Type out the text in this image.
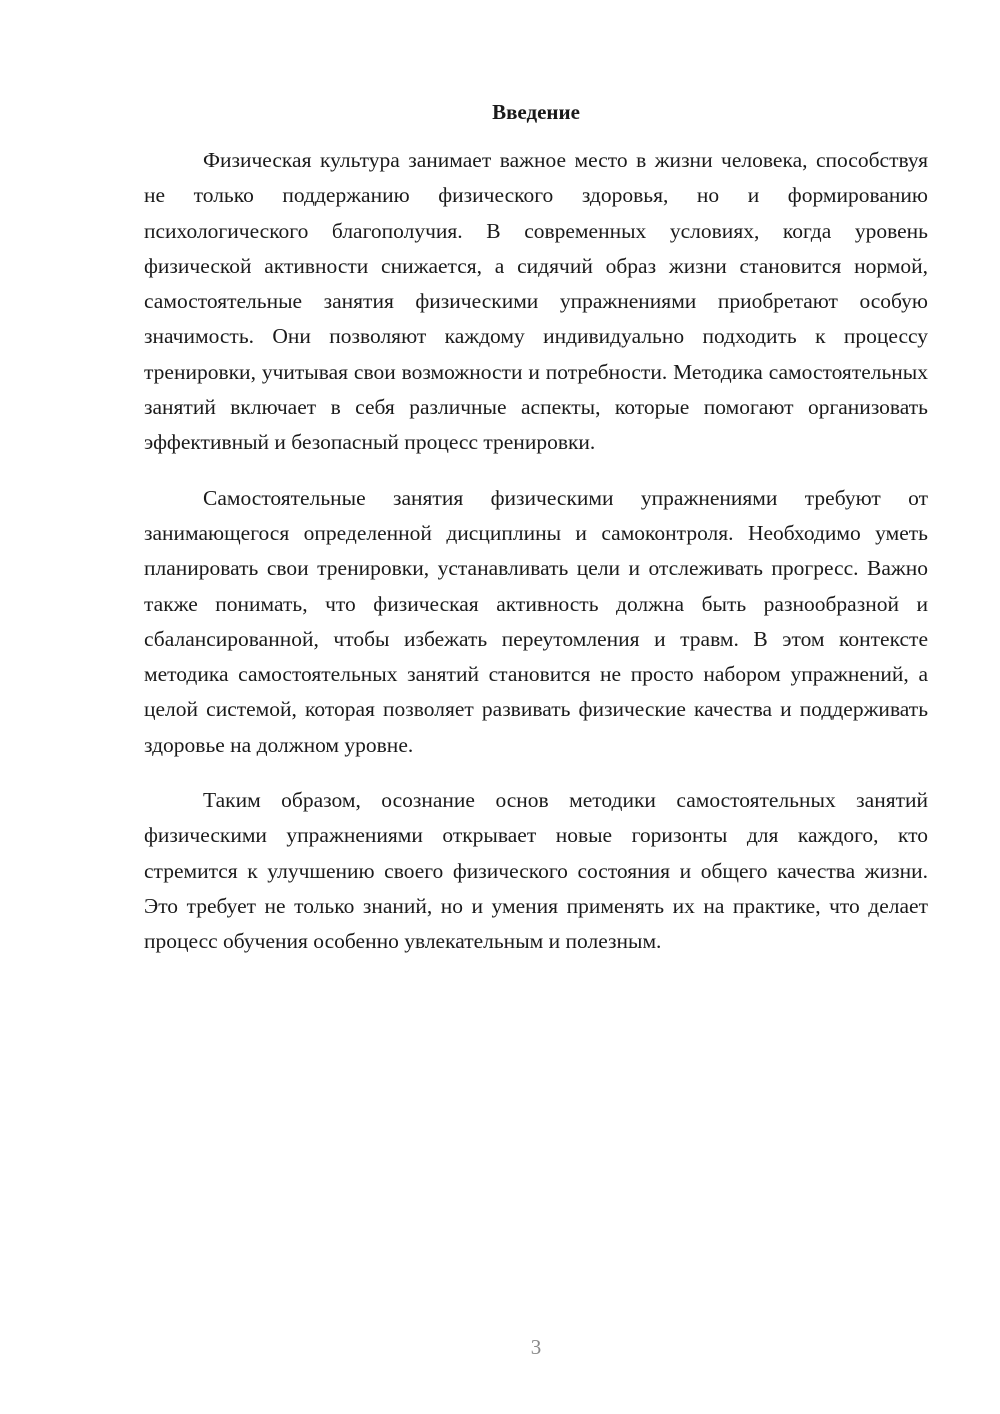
Введение

Физическая культура занимает важное место в жизни человека, способствуя не только поддержанию физического здоровья, но и формированию психологического благополучия. В современных условиях, когда уровень физической активности снижается, а сидячий образ жизни становится нормой, самостоятельные занятия физическими упражнениями приобретают особую значимость. Они позволяют каждому индивидуально подходить к процессу тренировки, учитывая свои возможности и потребности. Методика самостоятельных занятий включает в себя различные аспекты, которые помогают организовать эффективный и безопасный процесс тренировки.

Самостоятельные занятия физическими упражнениями требуют от занимающегося определенной дисциплины и самоконтроля. Необходимо уметь планировать свои тренировки, устанавливать цели и отслеживать прогресс. Важно также понимать, что физическая активность должна быть разнообразной и сбалансированной, чтобы избежать переутомления и травм. В этом контексте методика самостоятельных занятий становится не просто набором упражнений, а целой системой, которая позволяет развивать физические качества и поддерживать здоровье на должном уровне.

Таким образом, осознание основ методики самостоятельных занятий физическими упражнениями открывает новые горизонты для каждого, кто стремится к улучшению своего физического состояния и общего качества жизни. Это требует не только знаний, но и умения применять их на практике, что делает процесс обучения особенно увлекательным и полезным.

3
